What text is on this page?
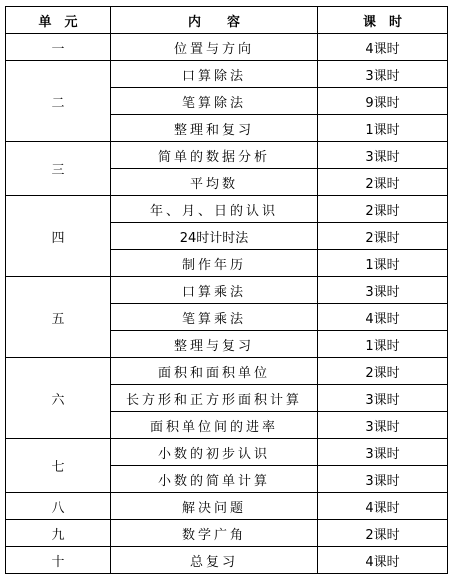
单　元	内　　容	课　时
一	位置与方向	4课时
二	口算除法	3课时
	笔算除法	9课时
	整理和复习	1课时
三	简单的数据分析	3课时
	平均数	2课时
四	年、月、日的认识	2课时
	24时计时法	2课时
	制作年历	1课时
五	口算乘法	3课时
	笔算乘法	4课时
	整理与复习	1课时
六	面积和面积单位	2课时
	长方形和正方形面积计算	3课时
	面积单位间的进率	3课时
七	小数的初步认识	3课时
	小数的简单计算	3课时
八	解决问题	4课时
九	数学广角	2课时
十	总复习	4课时
